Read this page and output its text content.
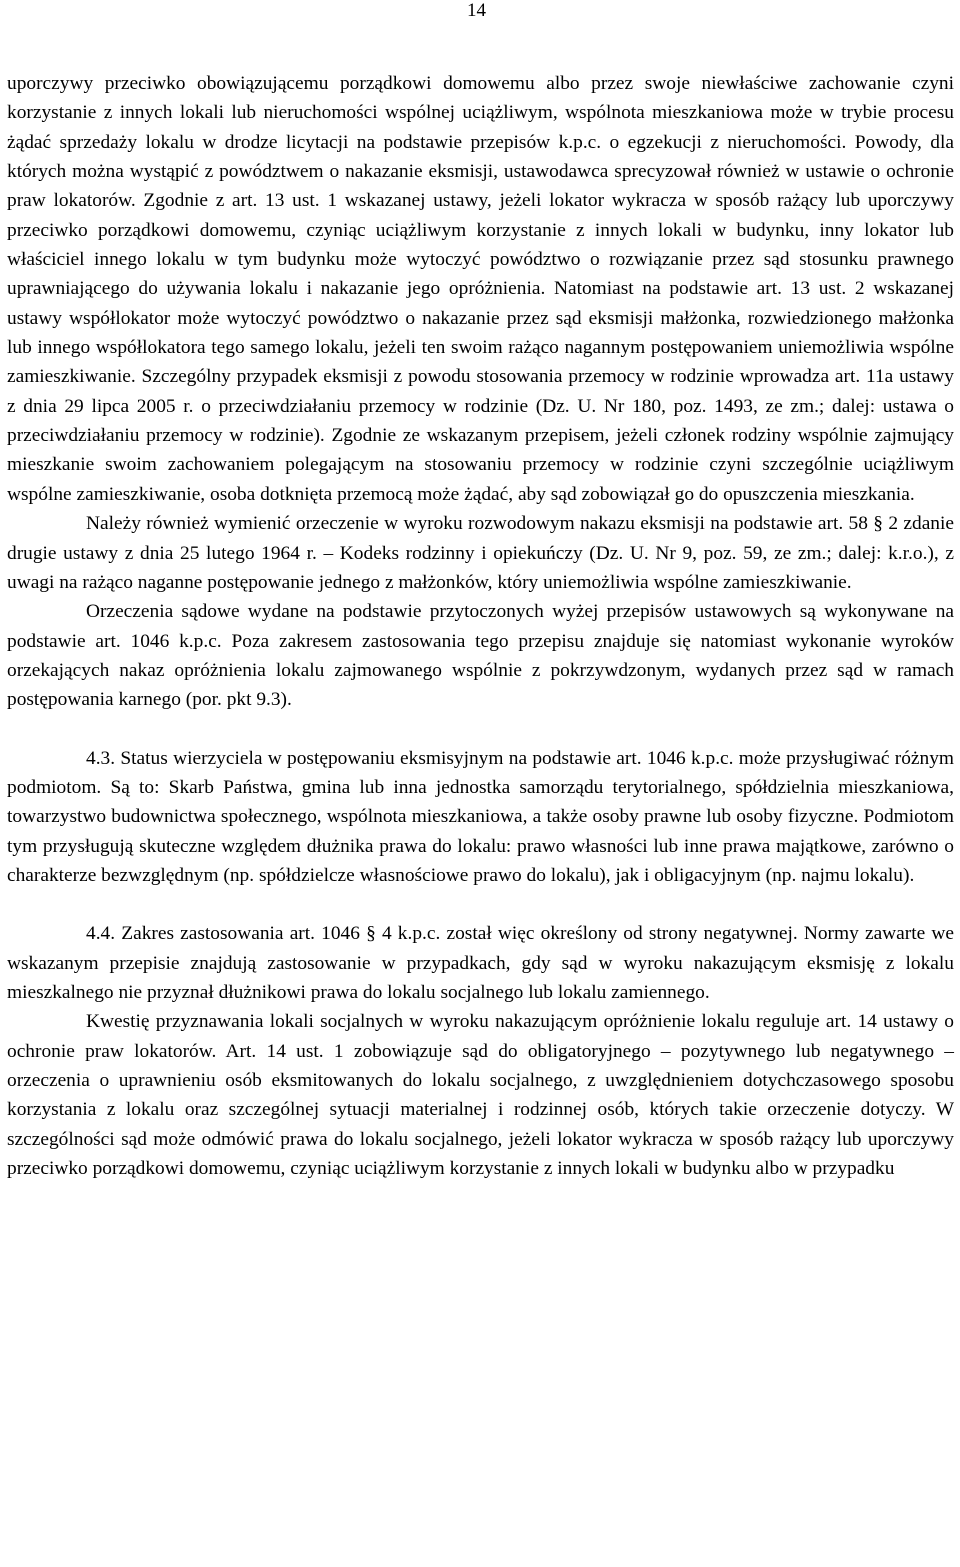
14

uporczywy przeciwko obowiązującemu porządkowi domowemu albo przez swoje niewłaściwe zachowanie czyni korzystanie z innych lokali lub nieruchomości wspólnej uciążliwym, wspólnota mieszkaniowa może w trybie procesu żądać sprzedaży lokalu w drodze licytacji na podstawie przepisów k.p.c. o egzekucji z nieruchomości. Powody, dla których można wystąpić z powództwem o nakazanie eksmisji, ustawodawca sprecyzował również w ustawie o ochronie praw lokatorów. Zgodnie z art. 13 ust. 1 wskazanej ustawy, jeżeli lokator wykracza w sposób rażący lub uporczywy przeciwko porządkowi domowemu, czyniąc uciążliwym korzystanie z innych lokali w budynku, inny lokator lub właściciel innego lokalu w tym budynku może wytoczyć powództwo o rozwiązanie przez sąd stosunku prawnego uprawniającego do używania lokalu i nakazanie jego opróżnienia. Natomiast na podstawie art. 13 ust. 2 wskazanej ustawy współlokator może wytoczyć powództwo o nakazanie przez sąd eksmisji małżonka, rozwiedzionego małżonka lub innego współlokatora tego samego lokalu, jeżeli ten swoim rażąco nagannym postępowaniem uniemożliwia wspólne zamieszkiwanie. Szczególny przypadek eksmisji z powodu stosowania przemocy w rodzinie wprowadza art. 11a ustawy z dnia 29 lipca 2005 r. o przeciwdziałaniu przemocy w rodzinie (Dz. U. Nr 180, poz. 1493, ze zm.; dalej: ustawa o przeciwdziałaniu przemocy w rodzinie). Zgodnie ze wskazanym przepisem, jeżeli członek rodziny wspólnie zajmujący mieszkanie swoim zachowaniem polegającym na stosowaniu przemocy w rodzinie czyni szczególnie uciążliwym wspólne zamieszkiwanie, osoba dotknięta przemocą może żądać, aby sąd zobowiązał go do opuszczenia mieszkania.

Należy również wymienić orzeczenie w wyroku rozwodowym nakazu eksmisji na podstawie art. 58 § 2 zdanie drugie ustawy z dnia 25 lutego 1964 r. – Kodeks rodzinny i opiekuńczy (Dz. U. Nr 9, poz. 59, ze zm.; dalej: k.r.o.), z uwagi na rażąco naganne postępowanie jednego z małżonków, który uniemożliwia wspólne zamieszkiwanie.

Orzeczenia sądowe wydane na podstawie przytoczonych wyżej przepisów ustawowych są wykonywane na podstawie art. 1046 k.p.c. Poza zakresem zastosowania tego przepisu znajduje się natomiast wykonanie wyroków orzekających nakaz opróżnienia lokalu zajmowanego wspólnie z pokrzywdzonym, wydanych przez sąd w ramach postępowania karnego (por. pkt 9.3).

4.3. Status wierzyciela w postępowaniu eksmisyjnym na podstawie art. 1046 k.p.c. może przysługiwać różnym podmiotom. Są to: Skarb Państwa, gmina lub inna jednostka samorządu terytorialnego, spółdzielnia mieszkaniowa, towarzystwo budownictwa społecznego, wspólnota mieszkaniowa, a także osoby prawne lub osoby fizyczne. Podmiotom tym przysługują skuteczne względem dłużnika prawa do lokalu: prawo własności lub inne prawa majątkowe, zarówno o charakterze bezwzględnym (np. spółdzielcze własnościowe prawo do lokalu), jak i obligacyjnym (np. najmu lokalu).

4.4. Zakres zastosowania art. 1046 § 4 k.p.c. został więc określony od strony negatywnej. Normy zawarte we wskazanym przepisie znajdują zastosowanie w przypadkach, gdy sąd w wyroku nakazującym eksmisję z lokalu mieszkalnego nie przyznał dłużnikowi prawa do lokalu socjalnego lub lokalu zamiennego.

Kwestię przyznawania lokali socjalnych w wyroku nakazującym opróżnienie lokalu reguluje art. 14 ustawy o ochronie praw lokatorów. Art. 14 ust. 1 zobowiązuje sąd do obligatoryjnego – pozytywnego lub negatywnego – orzeczenia o uprawnieniu osób eksmitowanych do lokalu socjalnego, z uwzględnieniem dotychczasowego sposobu korzystania z lokalu oraz szczególnej sytuacji materialnej i rodzinnej osób, których takie orzeczenie dotyczy. W szczególności sąd może odmówić prawa do lokalu socjalnego, jeżeli lokator wykracza w sposób rażący lub uporczywy przeciwko porządkowi domowemu, czyniąc uciążliwym korzystanie z innych lokali w budynku albo w przypadku
